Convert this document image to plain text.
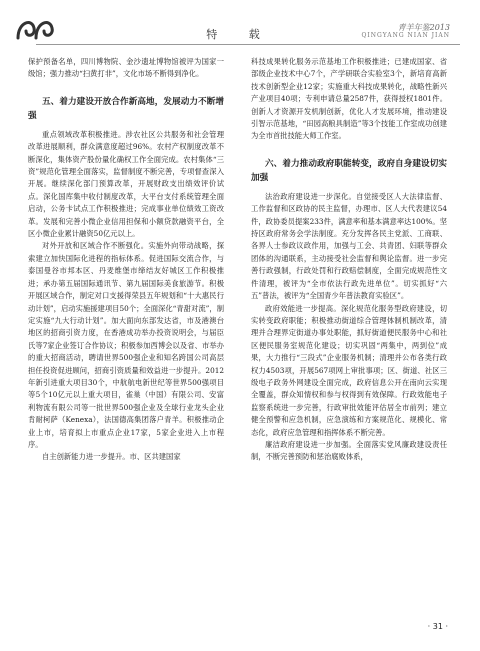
特 载
青羊年鉴2013
QINGYANG NIAN JIAN

保护预备名单，四川博物院、金沙遗址博物馆被评为国家一级馆；强力推动“扫黄打非”，文化市场不断得到净化。

五、着力建设开放合作新高地，发展动力不断增强

重点领域改革积极推进。涉农社区公共服务和社会管理改革进展顺利，群众满意度超过96%。农村产权制度改革不断深化，集体资产股份量化确权工作全面完成。农村集体“三资”规范化管理全面落实，监督制度不断完善，专项督查深入开展。继续深化部门预算改革，开展财政支出绩效评价试点。深化国库集中收付制度改革，大平台支付系统管理全面启动，公务卡试点工作积极推进；完成事业单位绩效工资改革。发展和完善小微企业信用担保和小额贷款融资平台，全区小微企业累计融资50亿元以上。

对外开放和区域合作不断强化。实施外向带动战略，探索建立加快国际化进程的指标体系。促进国际交流合作，与泰国曼谷市邦本区、丹麦维堡市缔结友好城区工作积极推进；承办第五届国际通讯节、第九届国际美食旅游节。积极开展区域合作，制定对口支援得荣县五年规划和“十大惠民行动计划”，启动实施援建项目50个；全面深化“青甜对流”，制定实施“九大行动计划”。加大面向东部发达省，市及港澳台地区的招商引资力度，在香港成功举办投资说明会，与届臣氏等7家企业签订合作协议；积极参加西博会以及省、市举办的重大招商活动，聘请世界500强企业和知名跨国公司高层担任投资促进顾问，招商引资质量和效益进一步提升。2012年新引进重大项目30个，中航航电新世纪等世界500强项目等5个10亿元以上重大项目，雀巢（中国）有限公司、安富利物流有限公司等一批世界500强企业及全球行业龙头企业肯耐柯萨（Kenexa），法国德高集团落户青羊。积极推动企业上市，培育拟上市重点企业17家，5家企业进入上市程序。

自主创新能力进一步提升。市、区共建国家

科技成果转化服务示范基地工作积极推进；已建成国家、省部级企业技术中心7个，产学研联合实验室3个，新培育高新技术创新型企业12家；实施重大科技成果转化，战略性新兴产业项目40项；专利申请总量2587件，获得授权1801件。创新人才资源开发机制创新，优化人才发展环境，推动建设引智示范基地，“田园高粮具制造”等3个技能工作室成功创建为全市首批技能大师工作室。

六、着力推动政府职能转变，政府自身建设切实加强

法治政府建设进一步深化。自觉接受区人大法律监督、工作监督和区政协的民主监督，办理市、区人大代表建议54件，政协委员提案233件，满意率和基本满意率达100%。坚持区政府常务会学法制度。充分发挥各民主党派、工商联、各界人士参政议政作用，加强与工会、共青团、妇联等群众团体的沟通联系，主动接受社会监督和舆论监督。进一步完善行政强制，行政处罚和行政赔偿制度，全面完成规范性文件清理，被评为“全市依法行政先进单位”。切实抓好“六五”普法，被评为“全国青少年普法教育实验区”。

政府效能进一步提高。深化规范化服务型政府建设，切实转变政府职能；积极推动街道综合管理体制机制改革，清理并合理界定街道办事处职能，抓好街道便民服务中心和社区便民服务室规范化建设；切实巩固“两集中，两到位”成果，大力推行“三段式”企业服务机制；清理并公布各类行政权力4503项，开展567项网上审批事项；区、街道、社区三级电子政务外网建设全面完成，政府信息公开在南向云实现全覆盖，群众知情权和参与权得到有效保障。行政效能电子监察系统进一步完善，行政审批效能评估居全市前列；建立健全预警和应急机制，应急演练和方案规范化、规模化、常态化，政府应急管理和指挥体系不断完善。

廉洁政府建设进一步加强。全面落实党风廉政建设责任制，不断完善预防和惩治腐败体系，

· 31 ·
